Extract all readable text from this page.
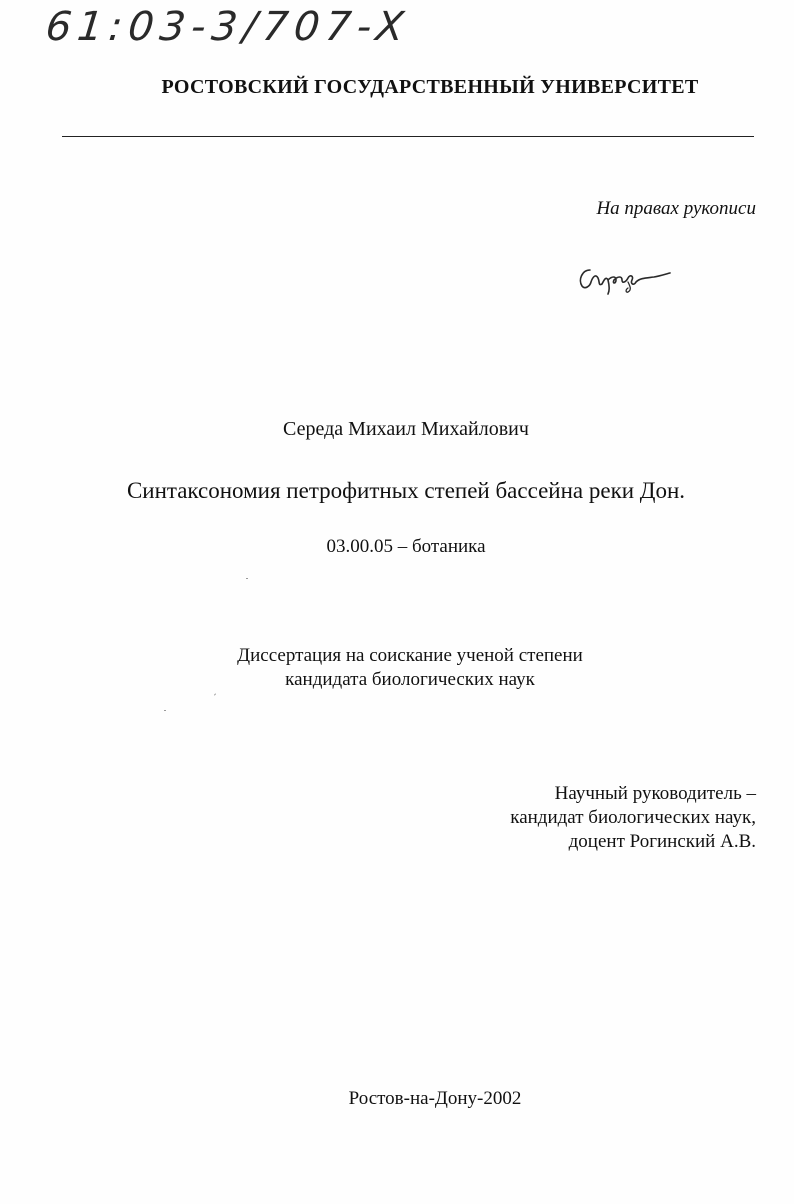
61:03-3/707-X
РОСТОВСКИЙ ГОСУДАРСТВЕННЫЙ УНИВЕРСИТЕТ
На правах рукописи
Середа Михаил Михайлович
Синтаксономия петрофитных степей бассейна реки Дон.
03.00.05 – ботаника
Диссертация на соискание ученой степени
кандидата биологических наук
Научный руководитель –
кандидат биологических наук,
доцент Рогинский А.В.
Ростов-на-Дону-2002
